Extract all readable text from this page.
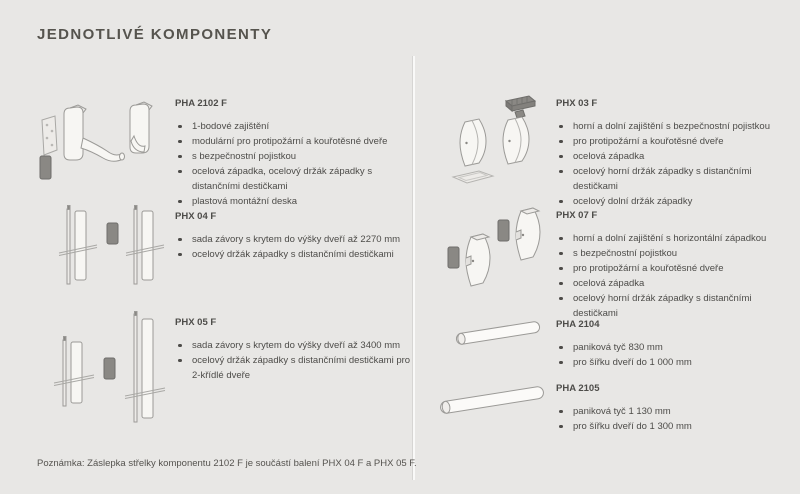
JEDNOTLIVÉ KOMPONENTY
PHA 2102 F
1-bodové zajištění
modulární pro protipožární a kouřotěsné dveře
s bezpečnostní pojistkou
ocelová západka, ocelový držák západky s distančními destičkami
plastová montážní deska
PHX 04 F
sada závory s krytem do výšky dveří až 2270 mm
ocelový držák západky s distančními destičkami
PHX 05 F
sada závory s krytem do výšky dveří až 3400 mm
ocelový držák západky s distančními destičkami pro 2-křídlé dveře
PHX 03 F
horní a dolní zajištění s bezpečnostní pojistkou
pro protipožární a kouřotěsné dveře
ocelová západka
ocelový horní držák západky s distančními destičkami
ocelový dolní držák západky
PHX 07 F
horní a dolní zajištění s horizontální západkou
s bezpečnostní pojistkou
pro protipožární a kouřotěsné dveře
ocelová západka
ocelový horní držák západky s distančními destičkami
PHA 2104
paniková tyč 830 mm
pro šířku dveří do 1 000 mm
PHA 2105
paniková tyč 1 130 mm
pro šířku dveří do 1 300 mm
Poznámka: Záslepka střelky komponentu 2102 F je součástí balení PHX 04 F a PHX 05 F.
